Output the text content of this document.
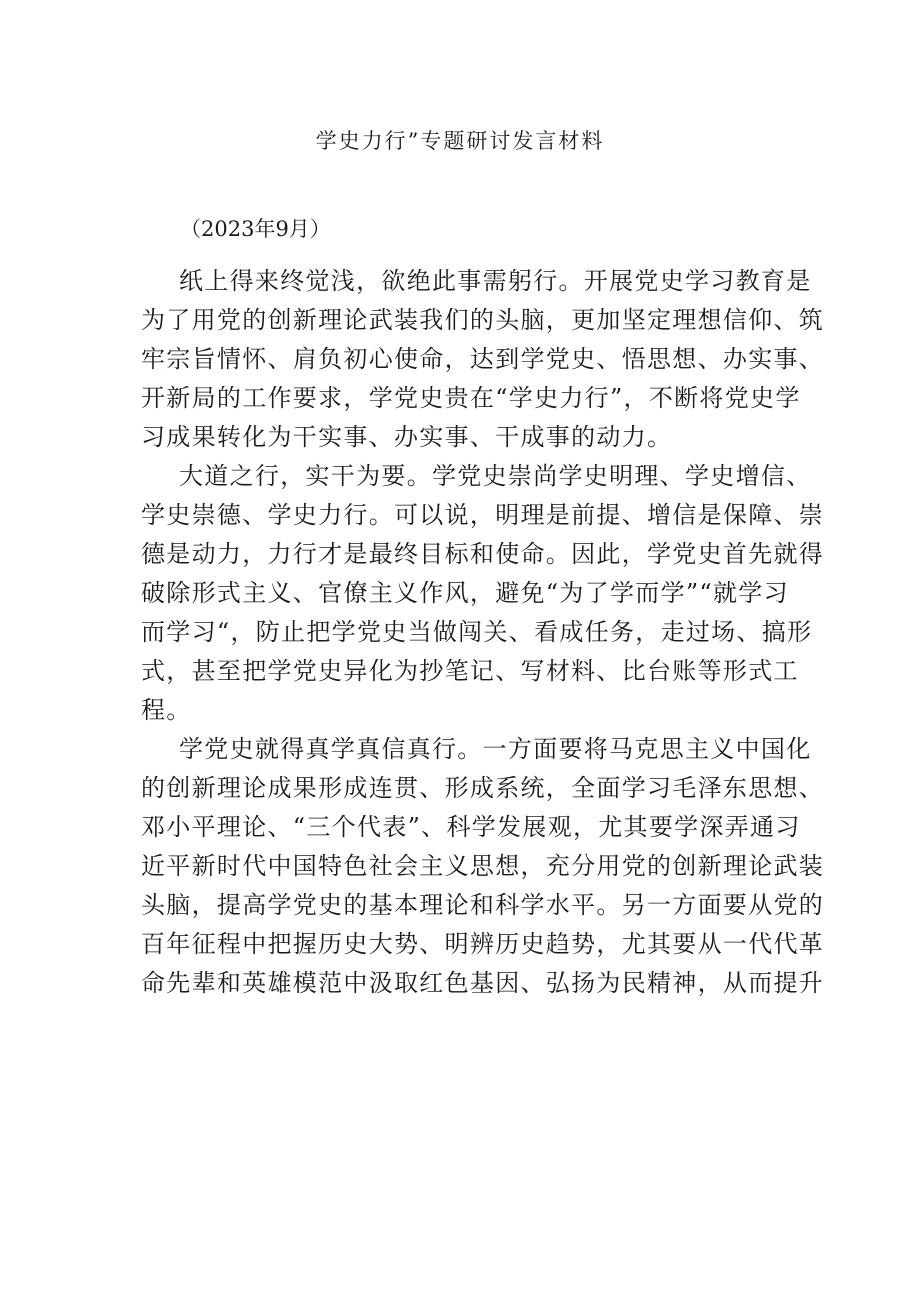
学史力行”专题研讨发言材料
（2023年9月）
纸上得来终觉浅，欲绝此事需躬行。开展党史学习教育是
为了用党的创新理论武装我们的头脑，更加坚定理想信仰、筑
牢宗旨情怀、肩负初心使命，达到学党史、悟思想、办实事、
开新局的工作要求，学党史贵在“学史力行”，不断将党史学
习成果转化为干实事、办实事、干成事的动力。
大道之行，实干为要。学党史崇尚学史明理、学史增信、
学史崇德、学史力行。可以说，明理是前提、增信是保障、崇
德是动力，力行才是最终目标和使命。因此，学党史首先就得
破除形式主义、官僚主义作风，避免“为了学而学”“就学习
而学习“，防止把学党史当做闯关、看成任务，走过场、搞形
式，甚至把学党史异化为抄笔记、写材料、比台账等形式工
程。
学党史就得真学真信真行。一方面要将马克思主义中国化
的创新理论成果形成连贯、形成系统，全面学习毛泽东思想、
邓小平理论、“三个代表”、科学发展观，尤其要学深弄通习
近平新时代中国特色社会主义思想，充分用党的创新理论武装
头脑，提高学党史的基本理论和科学水平。另一方面要从党的
百年征程中把握历史大势、明辨历史趋势，尤其要从一代代革
命先辈和英雄模范中汲取红色基因、弘扬为民精神，从而提升
